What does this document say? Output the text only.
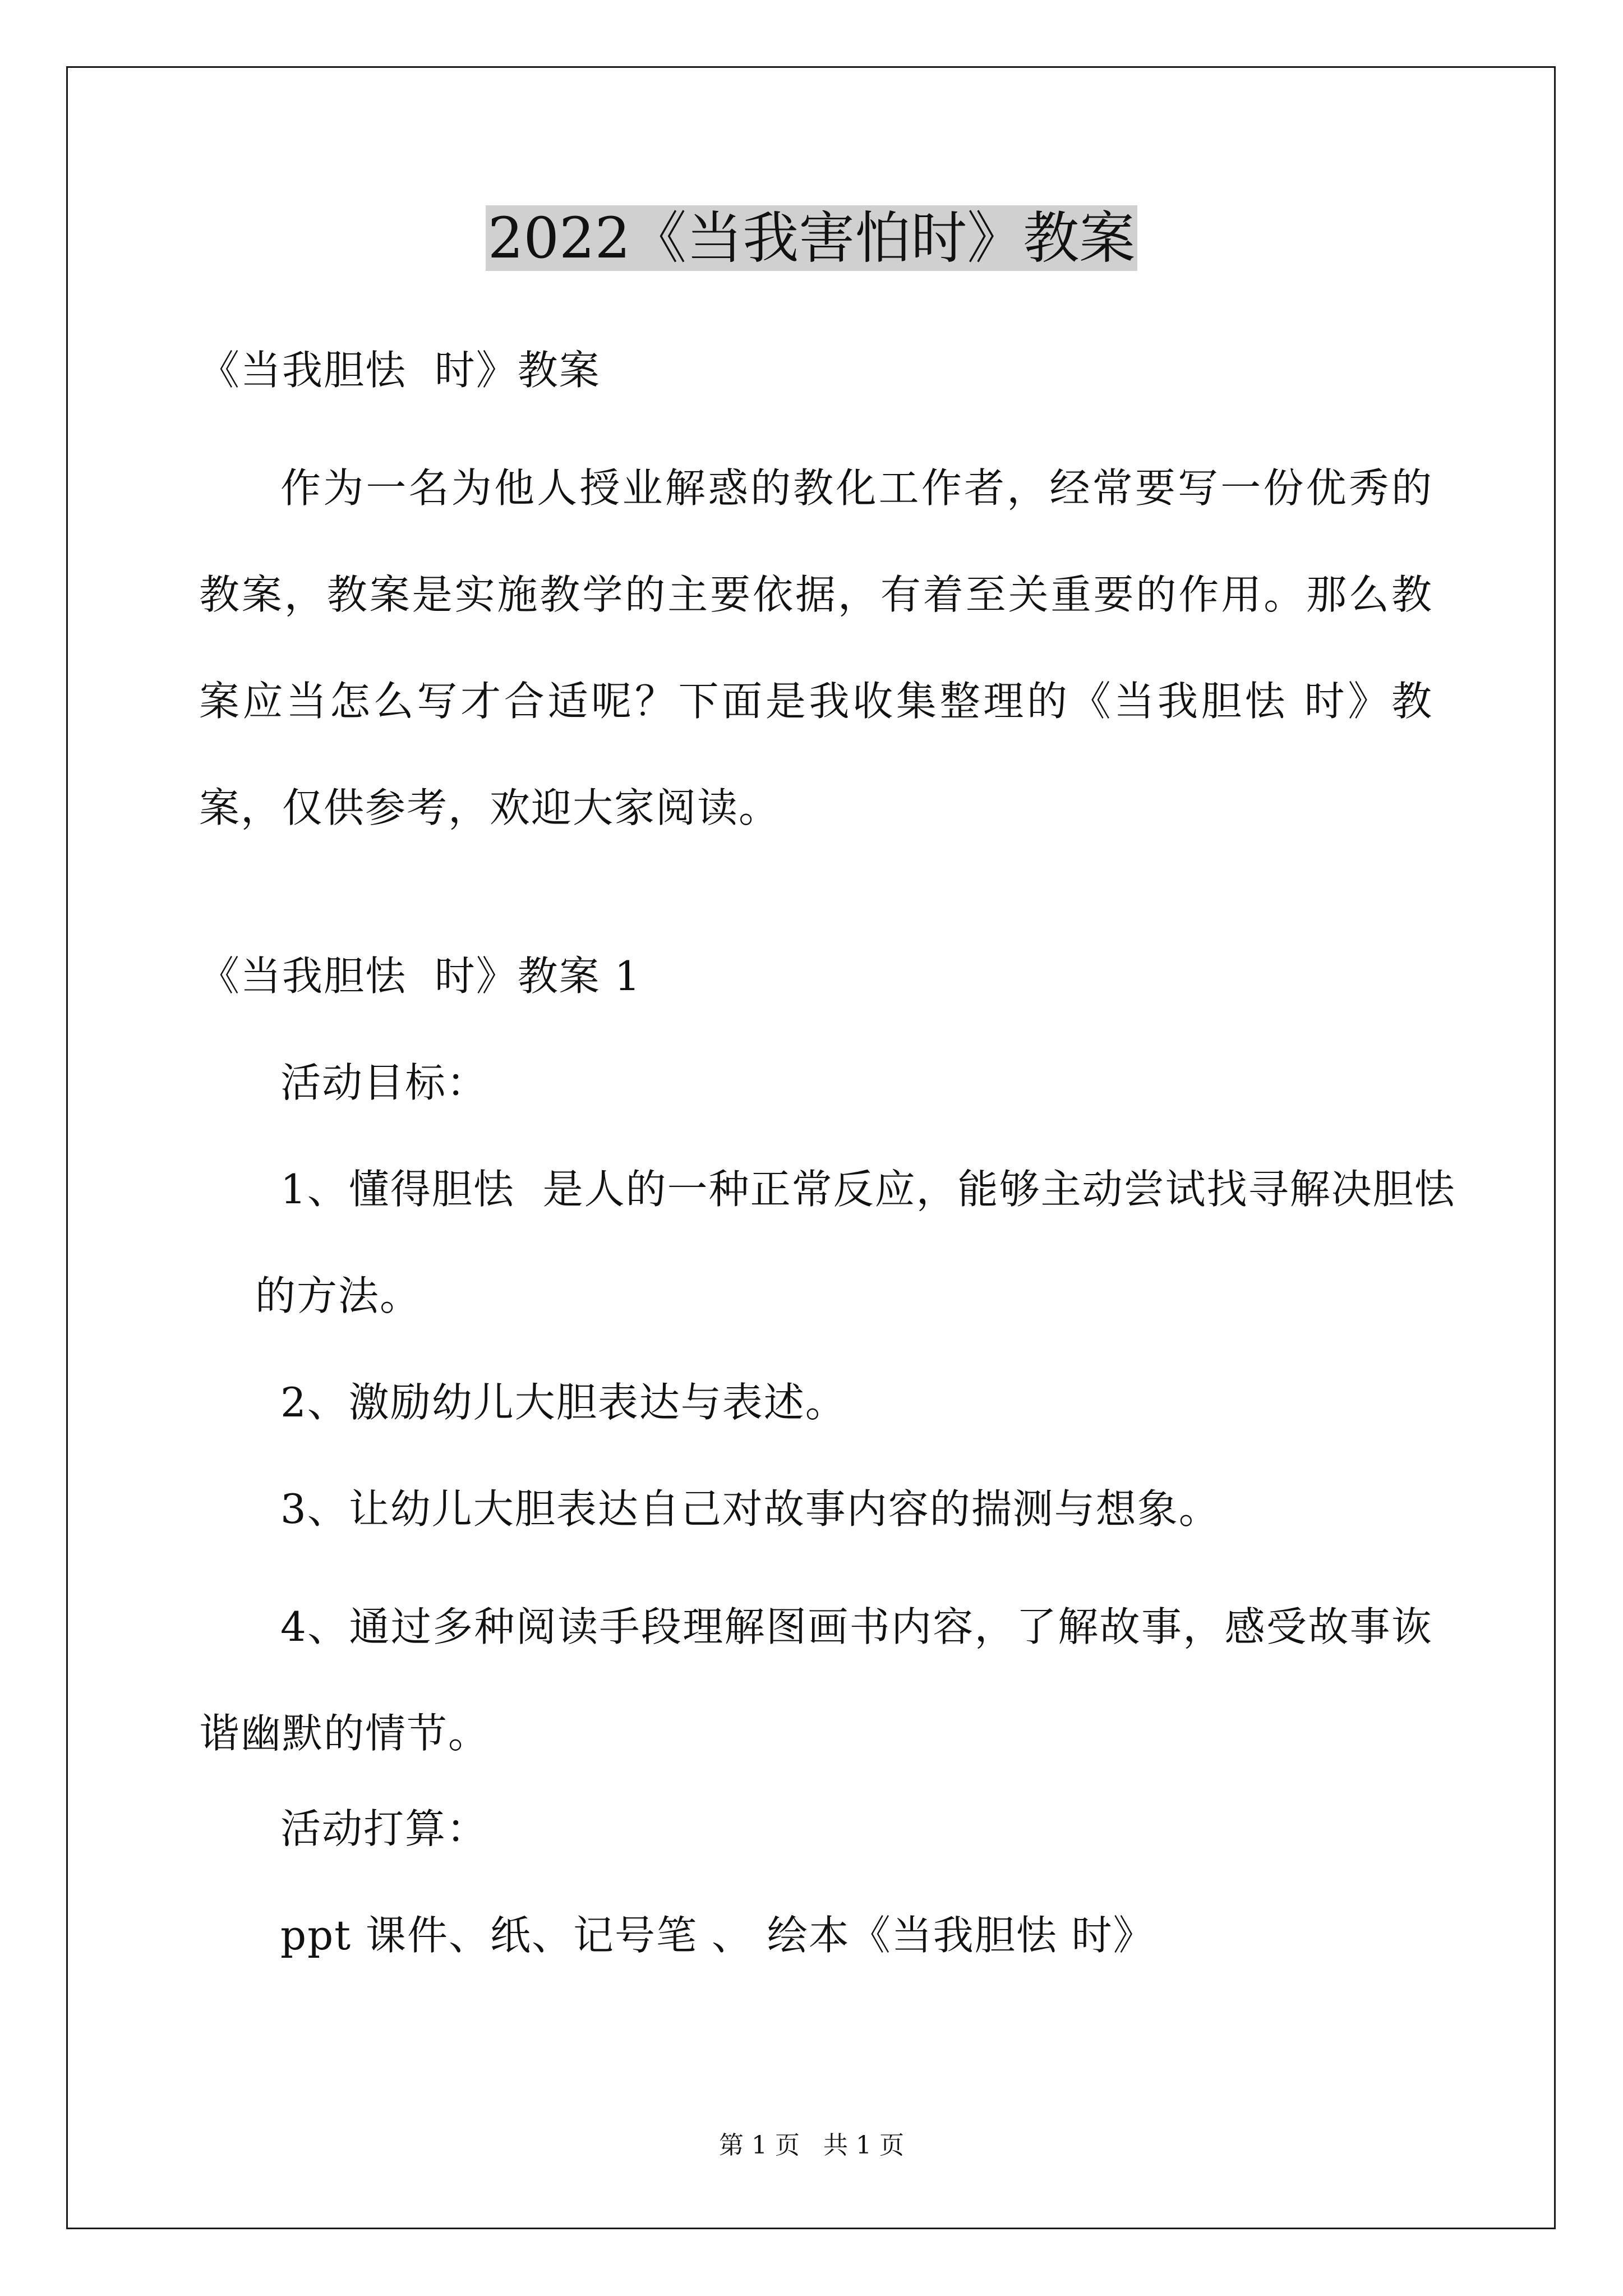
2022《当我害怕时》教案
《当我胆怯  时》教案
作为一名为他人授业解惑的教化工作者，经常要写一份优秀的教案，教案是实施教学的主要依据，有着至关重要的作用。那么教案应当怎么写才合适呢？下面是我收集整理的《当我胆怯 时》教案，仅供参考，欢迎大家阅读。
《当我胆怯  时》教案 1
活动目标：
1、懂得胆怯  是人的一种正常反应，能够主动尝试找寻解决胆怯
的方法。
2、激励幼儿大胆表达与表述。
3、让幼儿大胆表达自己对故事内容的揣测与想象。
4、通过多种阅读手段理解图画书内容，了解故事，感受故事诙谐幽默的情节。
活动打算：
ppt 课件、纸、记号笔 、 绘本《当我胆怯 时》
第 1 页   共 1 页
